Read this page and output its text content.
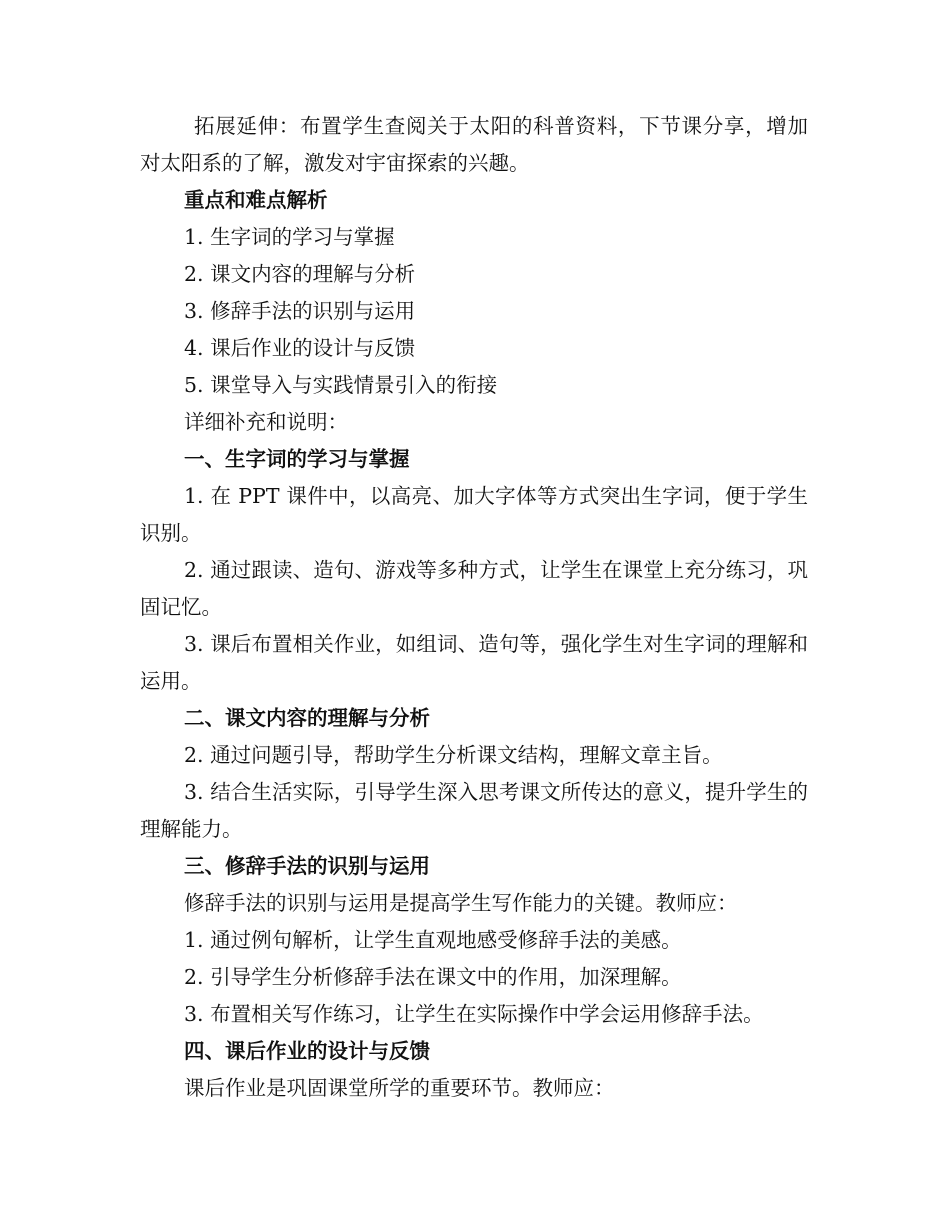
拓展延伸：布置学生查阅关于太阳的科普资料，下节课分享，增加对太阳系的了解，激发对宇宙探索的兴趣。

重点和难点解析

1. 生字词的学习与掌握

2. 课文内容的理解与分析

3. 修辞手法的识别与运用

4. 课后作业的设计与反馈

5. 课堂导入与实践情景引入的衔接

详细补充和说明：

一、生字词的学习与掌握

1. 在 PPT 课件中，以高亮、加大字体等方式突出生字词，便于学生识别。

2. 通过跟读、造句、游戏等多种方式，让学生在课堂上充分练习，巩固记忆。

3. 课后布置相关作业，如组词、造句等，强化学生对生字词的理解和运用。

二、课文内容的理解与分析

2. 通过问题引导，帮助学生分析课文结构，理解文章主旨。

3. 结合生活实际，引导学生深入思考课文所传达的意义，提升学生的理解能力。

三、修辞手法的识别与运用

修辞手法的识别与运用是提高学生写作能力的关键。教师应：

1. 通过例句解析，让学生直观地感受修辞手法的美感。

2. 引导学生分析修辞手法在课文中的作用，加深理解。

3. 布置相关写作练习，让学生在实际操作中学会运用修辞手法。

四、课后作业的设计与反馈

课后作业是巩固课堂所学的重要环节。教师应：
